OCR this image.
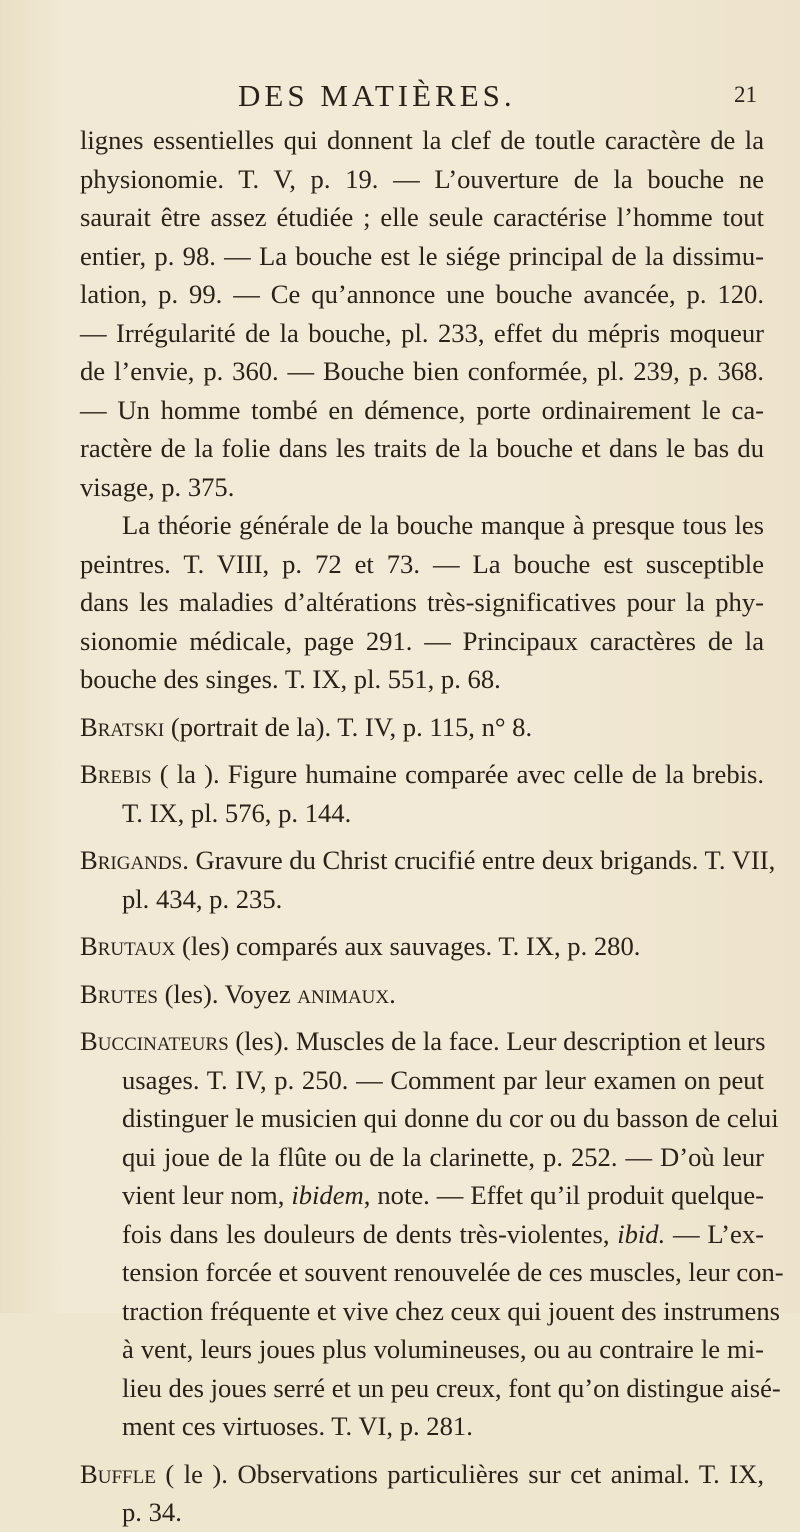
DES MATIÈRES.	21
lignes essentielles qui donnent la clef de toutle caractère de la
physionomie. T. V, p. 19. — L’ouverture de la bouche ne
saurait être assez étudiée ; elle seule caractérise l’homme tout
entier, p. 98. — La bouche est le siége principal de la dissimu-
lation, p. 99. — Ce qu’annonce une bouche avancée, p. 120.
— Irrégularité de la bouche, pl. 233, effet du mépris moqueur
de l’envie, p. 360. — Bouche bien conformée, pl. 239, p. 368.
— Un homme tombé en démence, porte ordinairement le ca-
ractère de la folie dans les traits de la bouche et dans le bas du
visage, p. 375.
La théorie générale de la bouche manque à presque tous les
peintres. T. VIII, p. 72 et 73. — La bouche est susceptible
dans les maladies d’altérations très-significatives pour la phy-
sionomie médicale, page 291. — Principaux caractères de la
bouche des singes. T. IX, pl. 551, p. 68.
Bratski (portrait de la). T. IV, p. 115, n° 8.
Brebis ( la ). Figure humaine comparée avec celle de la brebis.
T. IX, pl. 576, p. 144.
Brigands. Gravure du Christ crucifié entre deux brigands. T. VII,
pl. 434, p. 235.
Brutaux (les) comparés aux sauvages. T. IX, p. 280.
Brutes (les). Voyez animaux.
Buccinateurs (les). Muscles de la face. Leur description et leurs
usages. T. IV, p. 250. — Comment par leur examen on peut
distinguer le musicien qui donne du cor ou du basson de celui
qui joue de la flûte ou de la clarinette, p. 252. — D’où leur
vient leur nom, ibidem, note. — Effet qu’il produit quelque-
fois dans les douleurs de dents très-violentes, ibid. — L’ex-
tension forcée et souvent renouvelée de ces muscles, leur con-
traction fréquente et vive chez ceux qui jouent des instrumens
à vent, leurs joues plus volumineuses, ou au contraire le mi-
lieu des joues serré et un peu creux, font qu’on distingue aisé-
ment ces virtuoses. T. VI, p. 281.
Buffle ( le ). Observations particulières sur cet animal. T. IX,
p. 34.
